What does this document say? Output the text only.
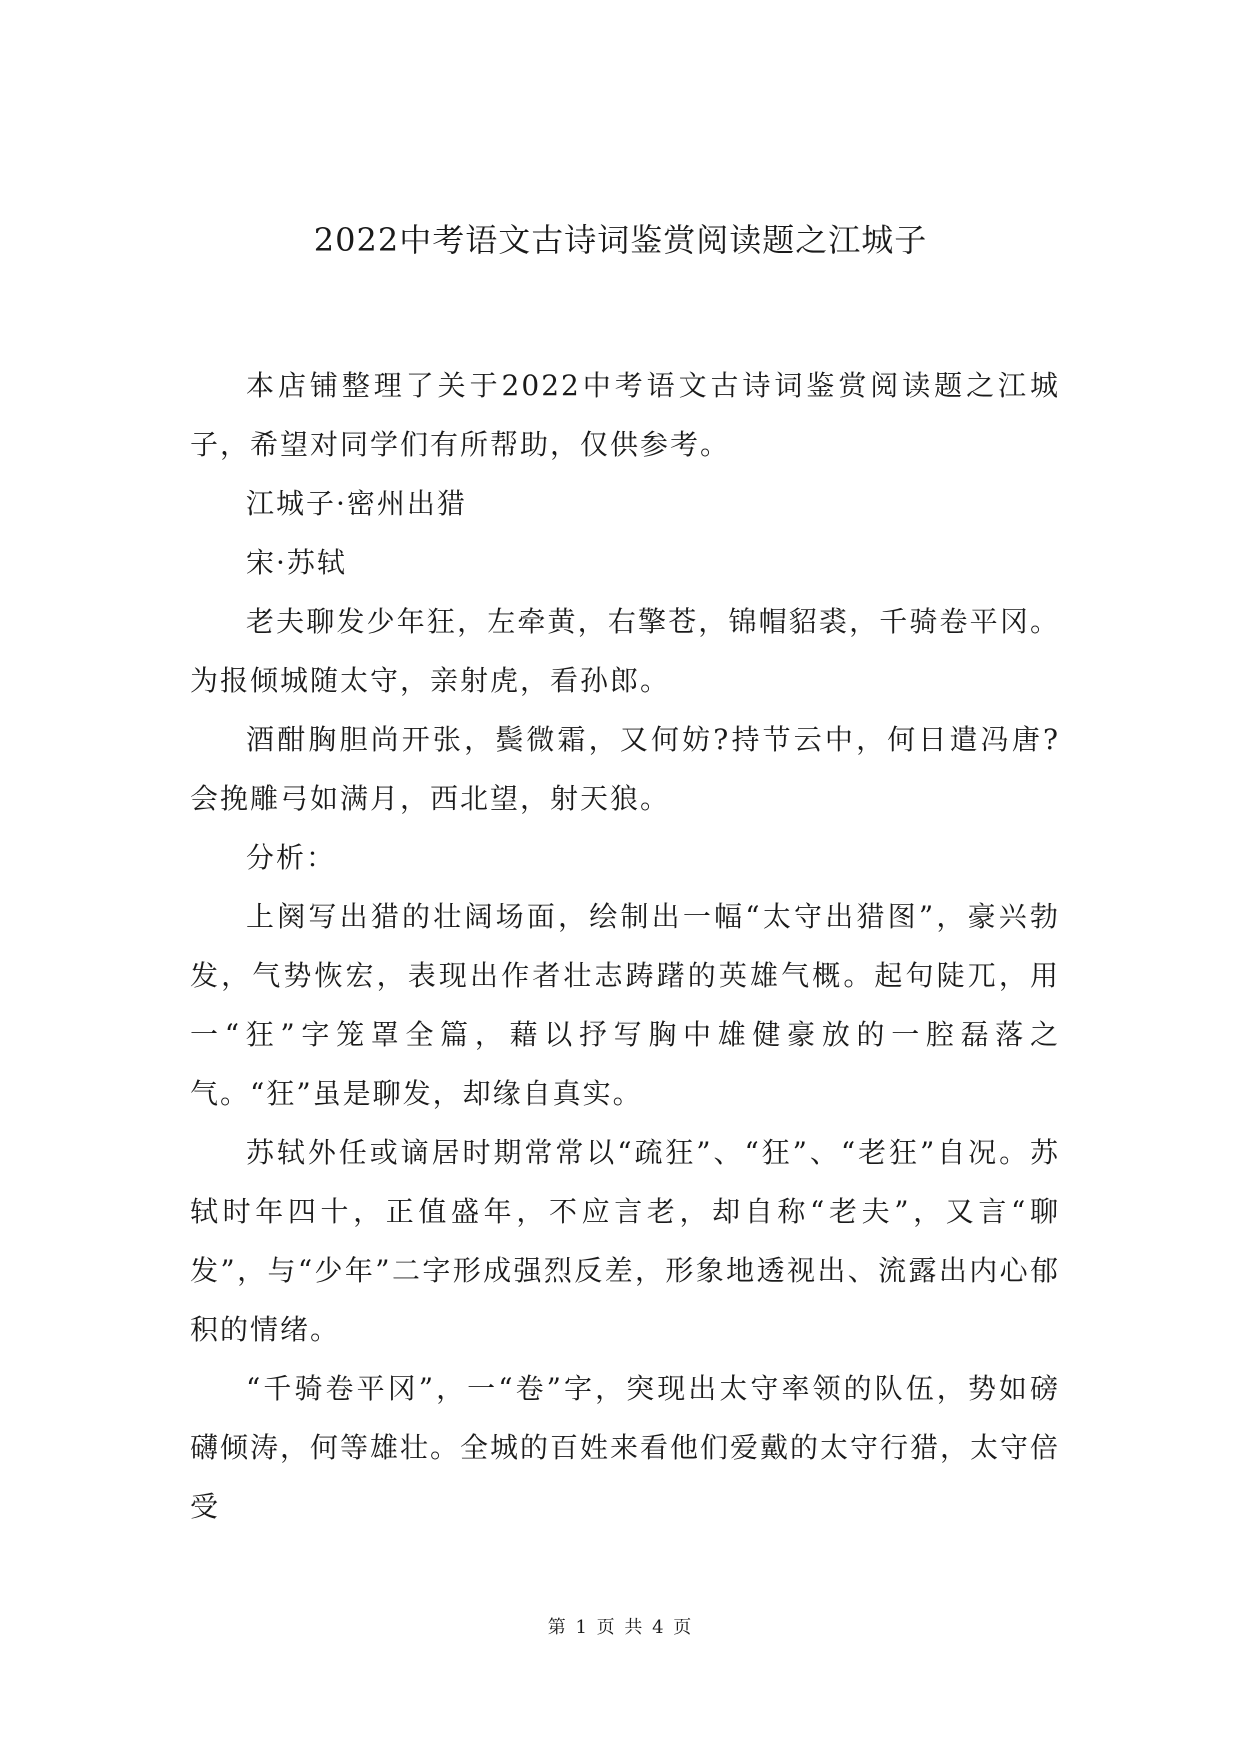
2022中考语文古诗词鉴赏阅读题之江城子

本店铺整理了关于2022中考语文古诗词鉴赏阅读题之江城子，希望对同学们有所帮助，仅供参考。

江城子·密州出猎

宋·苏轼

老夫聊发少年狂，左牵黄，右擎苍，锦帽貂裘，千骑卷平冈。为报倾城随太守，亲射虎，看孙郎。

酒酣胸胆尚开张，鬓微霜，又何妨?持节云中，何日遣冯唐?会挽雕弓如满月，西北望，射天狼。

分析：

上阕写出猎的壮阔场面，绘制出一幅“太守出猎图”，豪兴勃发，气势恢宏，表现出作者壮志踌躇的英雄气概。起句陡兀，用一“狂”字笼罩全篇，藉以抒写胸中雄健豪放的一腔磊落之气。“狂”虽是聊发，却缘自真实。

苏轼外任或谪居时期常常以“疏狂”、“狂”、“老狂”自况。苏轼时年四十，正值盛年，不应言老，却自称“老夫”，又言“聊发”，与“少年”二字形成强烈反差，形象地透视出、流露出内心郁积的情绪。

“千骑卷平冈”，一“卷”字，突现出太守率领的队伍，势如磅礴倾涛，何等雄壮。全城的百姓来看他们爱戴的太守行猎，太守倍受

第 1 页 共 4 页
